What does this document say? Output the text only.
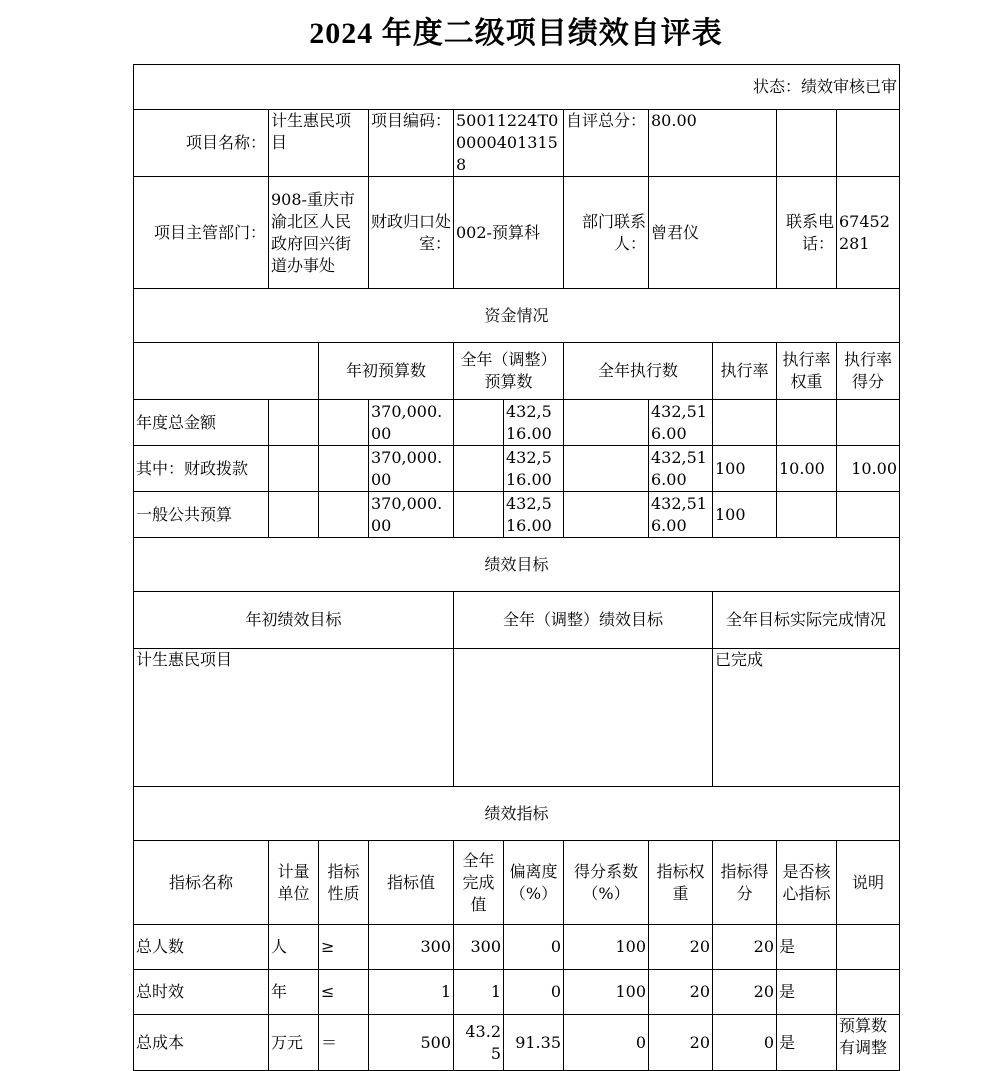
2024 年度二级项目绩效自评表
状态：绩效审核已审										
项目名称：	计生惠民项目		项目编码：	50011224T000004013158		自评总分：	80.00			
项目主管部门：	908-重庆市渝北区人民政府回兴街道办事处		财政归口处室：	002-预算科		部门联系人：	曾君仪		联系电话：	67452281
资金情况										
		年初预算数		全年（调整）预算数		全年执行数		执行率	执行率权重	执行率得分
年度总金额			370,000.00		432,516.00		432,516.00			
其中：财政拨款			370,000.00		432,516.00		432,516.00	100	10.00	10.00
一般公共预算			370,000.00		432,516.00		432,516.00	100		
绩效目标										
年初绩效目标				全年（调整）绩效目标				全年目标实际完成情况		
计生惠民项目								已完成		
绩效指标										
指标名称	计量单位	指标性质	指标值	全年完成值	偏离度（%）	得分系数（%）	指标权重	指标得分	是否核心指标	说明
总人数	人	≥	300	300	0	100	20	20	是	
总时效	年	≤	1	1	0	100	20	20	是	
总成本	万元	＝	500	43.25	91.35	0	20	0	是	预算数有调整
